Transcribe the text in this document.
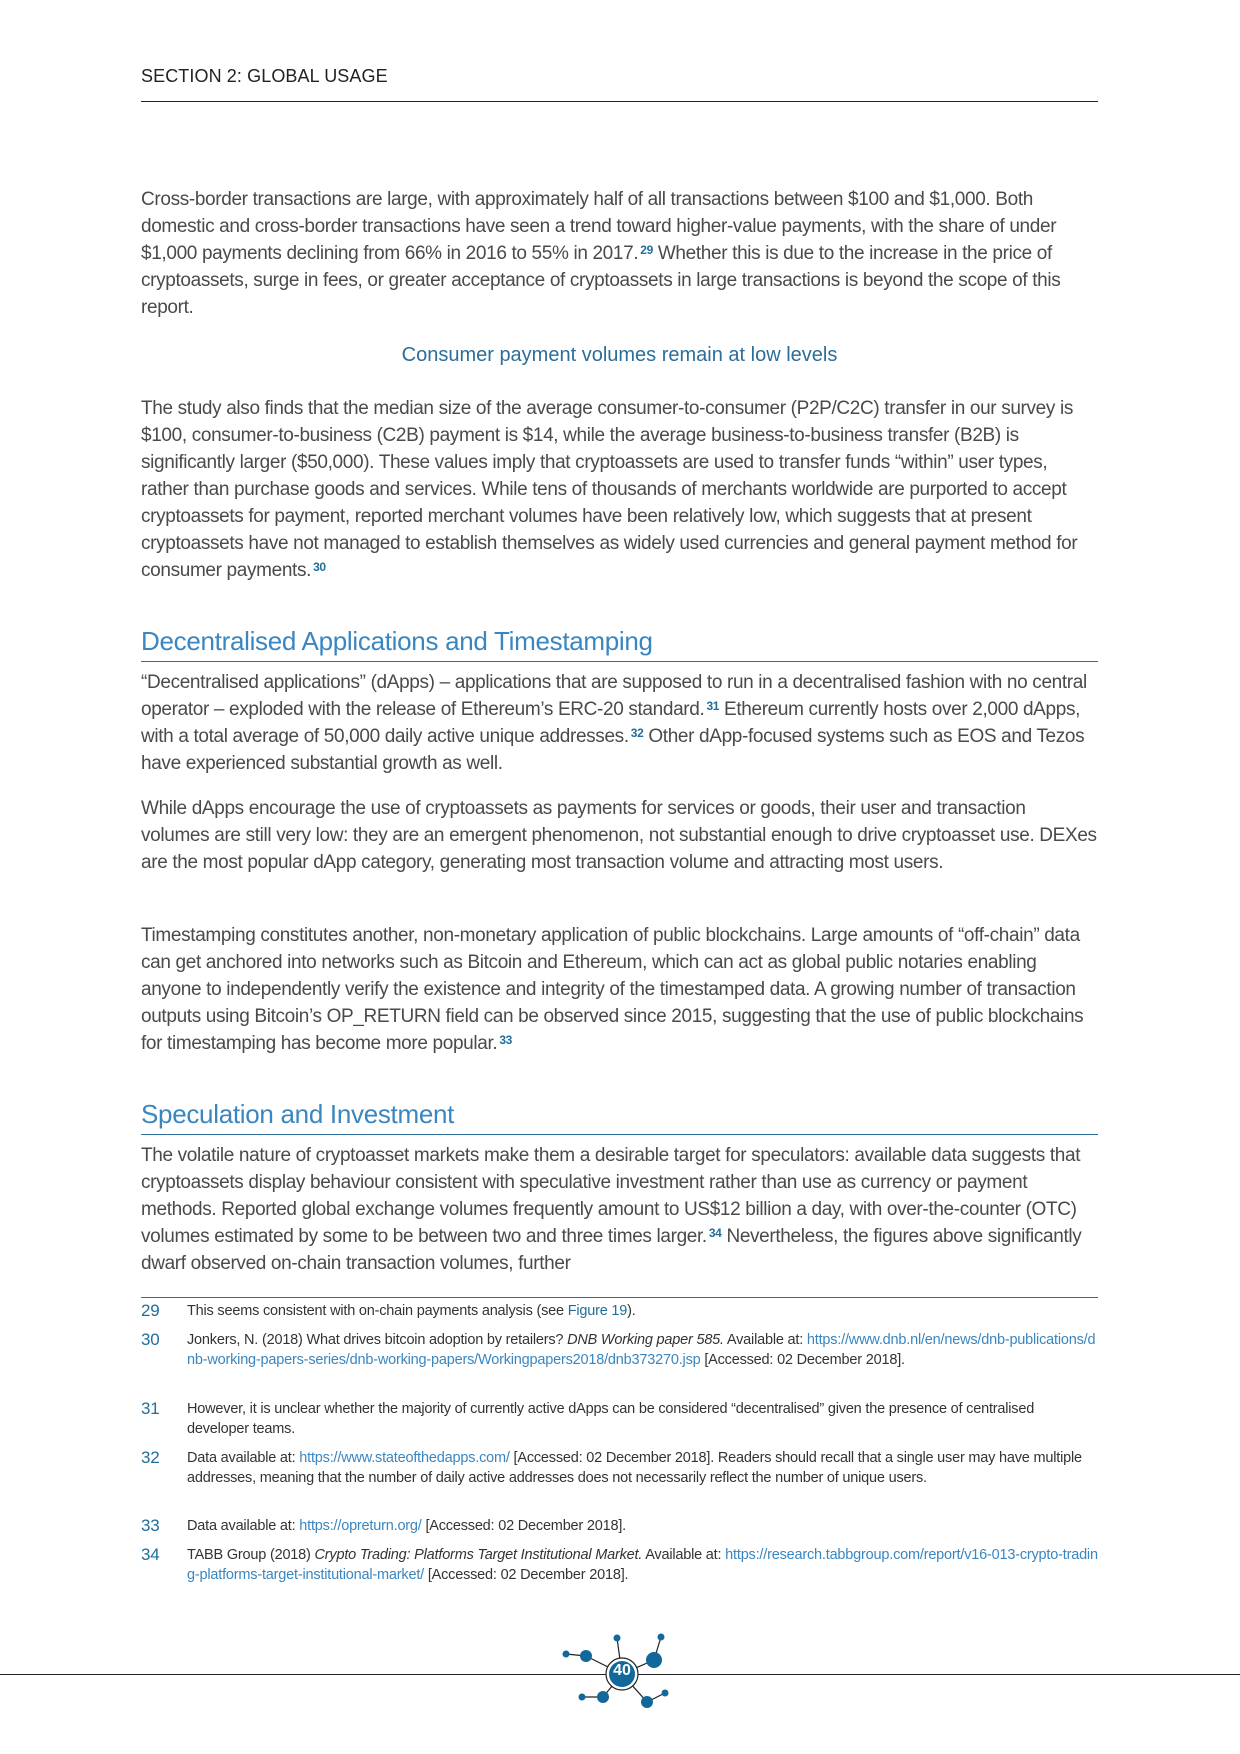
SECTION 2: GLOBAL USAGE

Cross-border transactions are large, with approximately half of all transactions between $100 and $1,000. Both domestic and cross-border transactions have seen a trend toward higher-value payments, with the share of under $1,000 payments declining from 66% in 2016 to 55% in 2017. $^{29}$ Whether this is due to the increase in the price of cryptoassets, surge in fees, or greater acceptance of cryptoassets in large transactions is beyond the scope of this report.

Consumer payment volumes remain at low levels

The study also finds that the median size of the average consumer-to-consumer (P2P/C2C) transfer in our survey is $100, consumer-to-business (C2B) payment is $14, while the average business-to-business transfer (B2B) is significantly larger ($50,000). These values imply that cryptoassets are used to transfer funds “within” user types, rather than purchase goods and services. While tens of thousands of merchants worldwide are purported to accept cryptoassets for payment, reported merchant volumes have been relatively low, which suggests that at present cryptoassets have not managed to establish themselves as widely used currencies and general payment method for consumer payments. $^{30}$

Decentralised Applications and Timestamping

“Decentralised applications” (dApps) – applications that are supposed to run in a decentralised fashion with no central operator – exploded with the release of Ethereum’s ERC-20 standard. $^{31}$ Ethereum currently hosts over 2,000 dApps, with a total average of 50,000 daily active unique addresses. $^{32}$ Other dApp-focused systems such as EOS and Tezos have experienced substantial growth as well.

While dApps encourage the use of cryptoassets as payments for services or goods, their user and transaction volumes are still very low: they are an emergent phenomenon, not substantial enough to drive cryptoasset use. DEXes are the most popular dApp category, generating most transaction volume and attracting most users.

Timestamping constitutes another, non-monetary application of public blockchains. Large amounts of “off-chain” data can get anchored into networks such as Bitcoin and Ethereum, which can act as global public notaries enabling anyone to independently verify the existence and integrity of the timestamped data. A growing number of transaction outputs using Bitcoin’s OP_RETURN field can be observed since 2015, suggesting that the use of public blockchains for timestamping has become more popular. $^{33}$

Speculation and Investment

The volatile nature of cryptoasset markets make them a desirable target for speculators: available data suggests that cryptoassets display behaviour consistent with speculative investment rather than use as currency or payment methods. Reported global exchange volumes frequently amount to US$12 billion a day, with over-the-counter (OTC) volumes estimated by some to be between two and three times larger. $^{34}$ Nevertheless, the figures above significantly dwarf observed on-chain transaction volumes, further

29 This seems consistent with on-chain payments analysis (see Figure 19).
30 Jonkers, N. (2018) What drives bitcoin adoption by retailers? DNB Working paper 585. Available at: https://www.dnb.nl/en/news/dnb-publications/dnb-working-papers-series/dnb-working-papers/Workingpapers2018/dnb373270.jsp [Accessed: 02 December 2018].
31 However, it is unclear whether the majority of currently active dApps can be considered “decentralised” given the presence of centralised developer teams.
32 Data available at: https://www.stateofthedapps.com/ [Accessed: 02 December 2018]. Readers should recall that a single user may have multiple addresses, meaning that the number of daily active addresses does not necessarily reflect the number of unique users.
33 Data available at: https://opreturn.org/ [Accessed: 02 December 2018].
34 TABB Group (2018) Crypto Trading: Platforms Target Institutional Market. Available at: https://research.tabbgroup.com/report/v16-013-crypto-trading-platforms-target-institutional-market/ [Accessed: 02 December 2018].
40
